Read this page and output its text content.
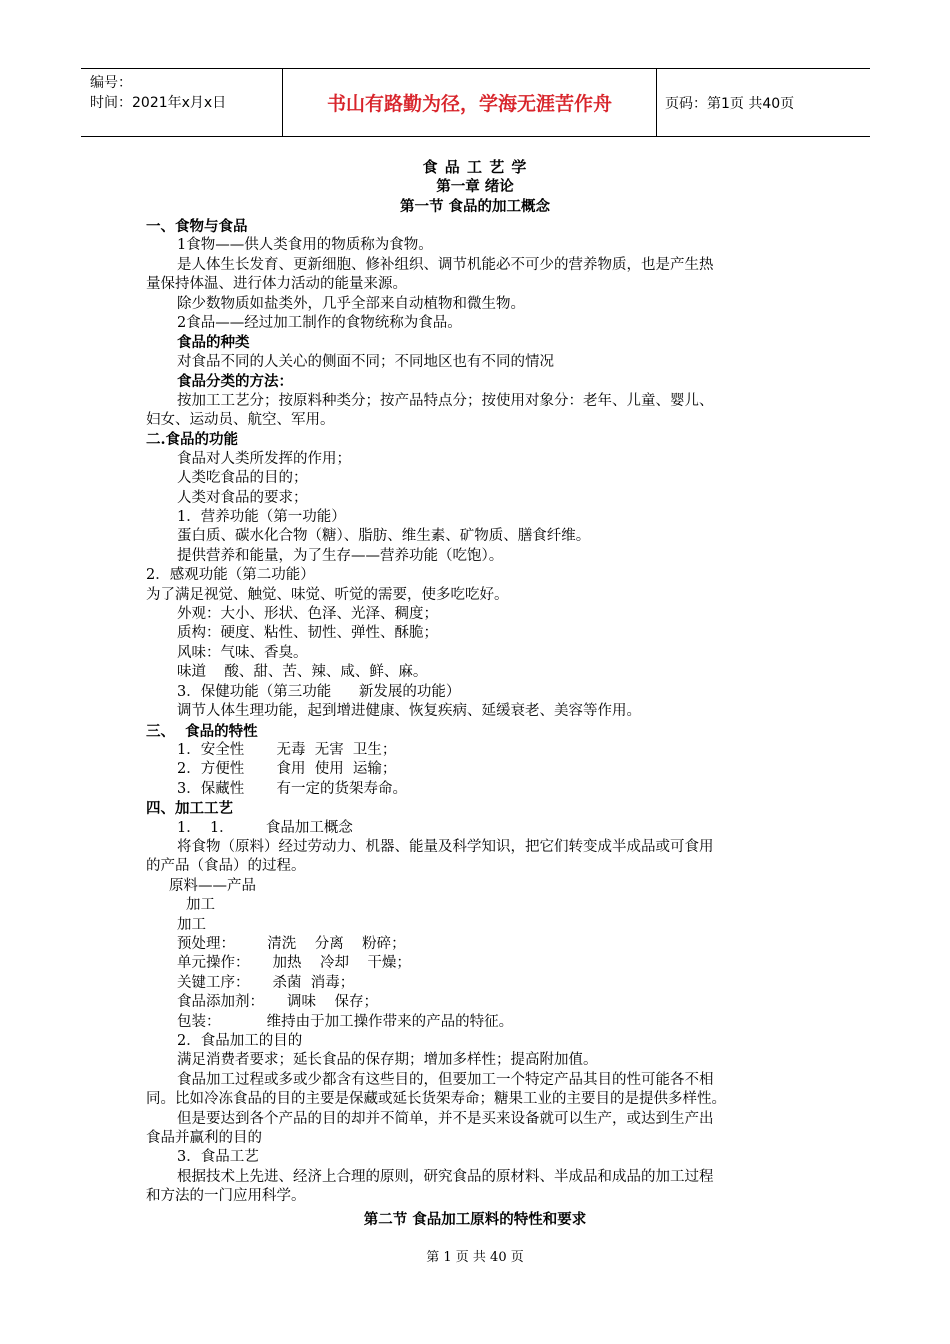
编号：
时间：2021年x月x日	书山有路勤为径，学海无涯苦作舟	页码：第1页 共40页
食 品 工 艺 学
第一章 绪论
第一节 食品的加工概念
一、食物与食品
1食物——供人类食用的物质称为食物。
是人体生长发育、更新细胞、修补组织、调节机能必不可少的营养物质，也是产生热
量保持体温、进行体力活动的能量来源。
除少数物质如盐类外，几乎全部来自动植物和微生物。
2食品——经过加工制作的食物统称为食品。
食品的种类
对食品不同的人关心的侧面不同；不同地区也有不同的情况
食品分类的方法：
按加工工艺分；按原料种类分；按产品特点分；按使用对象分：老年、儿童、婴儿、
妇女、运动员、航空、军用。
二.食品的功能
食品对人类所发挥的作用；
人类吃食品的目的；
人类对食品的要求；
1．营养功能（第一功能）
蛋白质、碳水化合物（糖）、脂肪、维生素、矿物质、膳食纤维。
提供营养和能量，为了生存——营养功能（吃饱）。
2．感观功能（第二功能）
为了满足视觉、触觉、味觉、听觉的需要，使多吃吃好。
外观：大小、形状、色泽、光泽、稠度；
质构：硬度、粘性、韧性、弹性、酥脆；
风味：气味、香臭。
味道    酸、甜、苦、辣、咸、鲜、麻。
3．保健功能（第三功能      新发展的功能）
调节人体生理功能，起到增进健康、恢复疾病、延缓衰老、美容等作用。
三、  食品的特性
1．安全性       无毒  无害  卫生；
2．方便性       食用  使用  运输；
3．保藏性       有一定的货架寿命。
四、加工工艺
1．  1．       食品加工概念
将食物（原料）经过劳动力、机器、能量及科学知识，把它们转变成半成品或可食用
的产品（食品）的过程。
原料——产品
加工
加工
预处理：       清洗    分离    粉碎；
单元操作：     加热    冷却    干燥；
关键工序：     杀菌  消毒；
食品添加剂：     调味    保存；
包装：          维持由于加工操作带来的产品的特征。
2．食品加工的目的
满足消费者要求；延长食品的保存期；增加多样性；提高附加值。
食品加工过程或多或少都含有这些目的，但要加工一个特定产品其目的性可能各不相
同。比如冷冻食品的目的主要是保藏或延长货架寿命；糖果工业的主要目的是提供多样性。
但是要达到各个产品的目的却并不简单，并不是买来设备就可以生产，或达到生产出
食品并赢利的目的
3．食品工艺
根据技术上先进、经济上合理的原则，研究食品的原材料、半成品和成品的加工过程
和方法的一门应用科学。
第二节 食品加工原料的特性和要求
第 1 页 共 40 页
